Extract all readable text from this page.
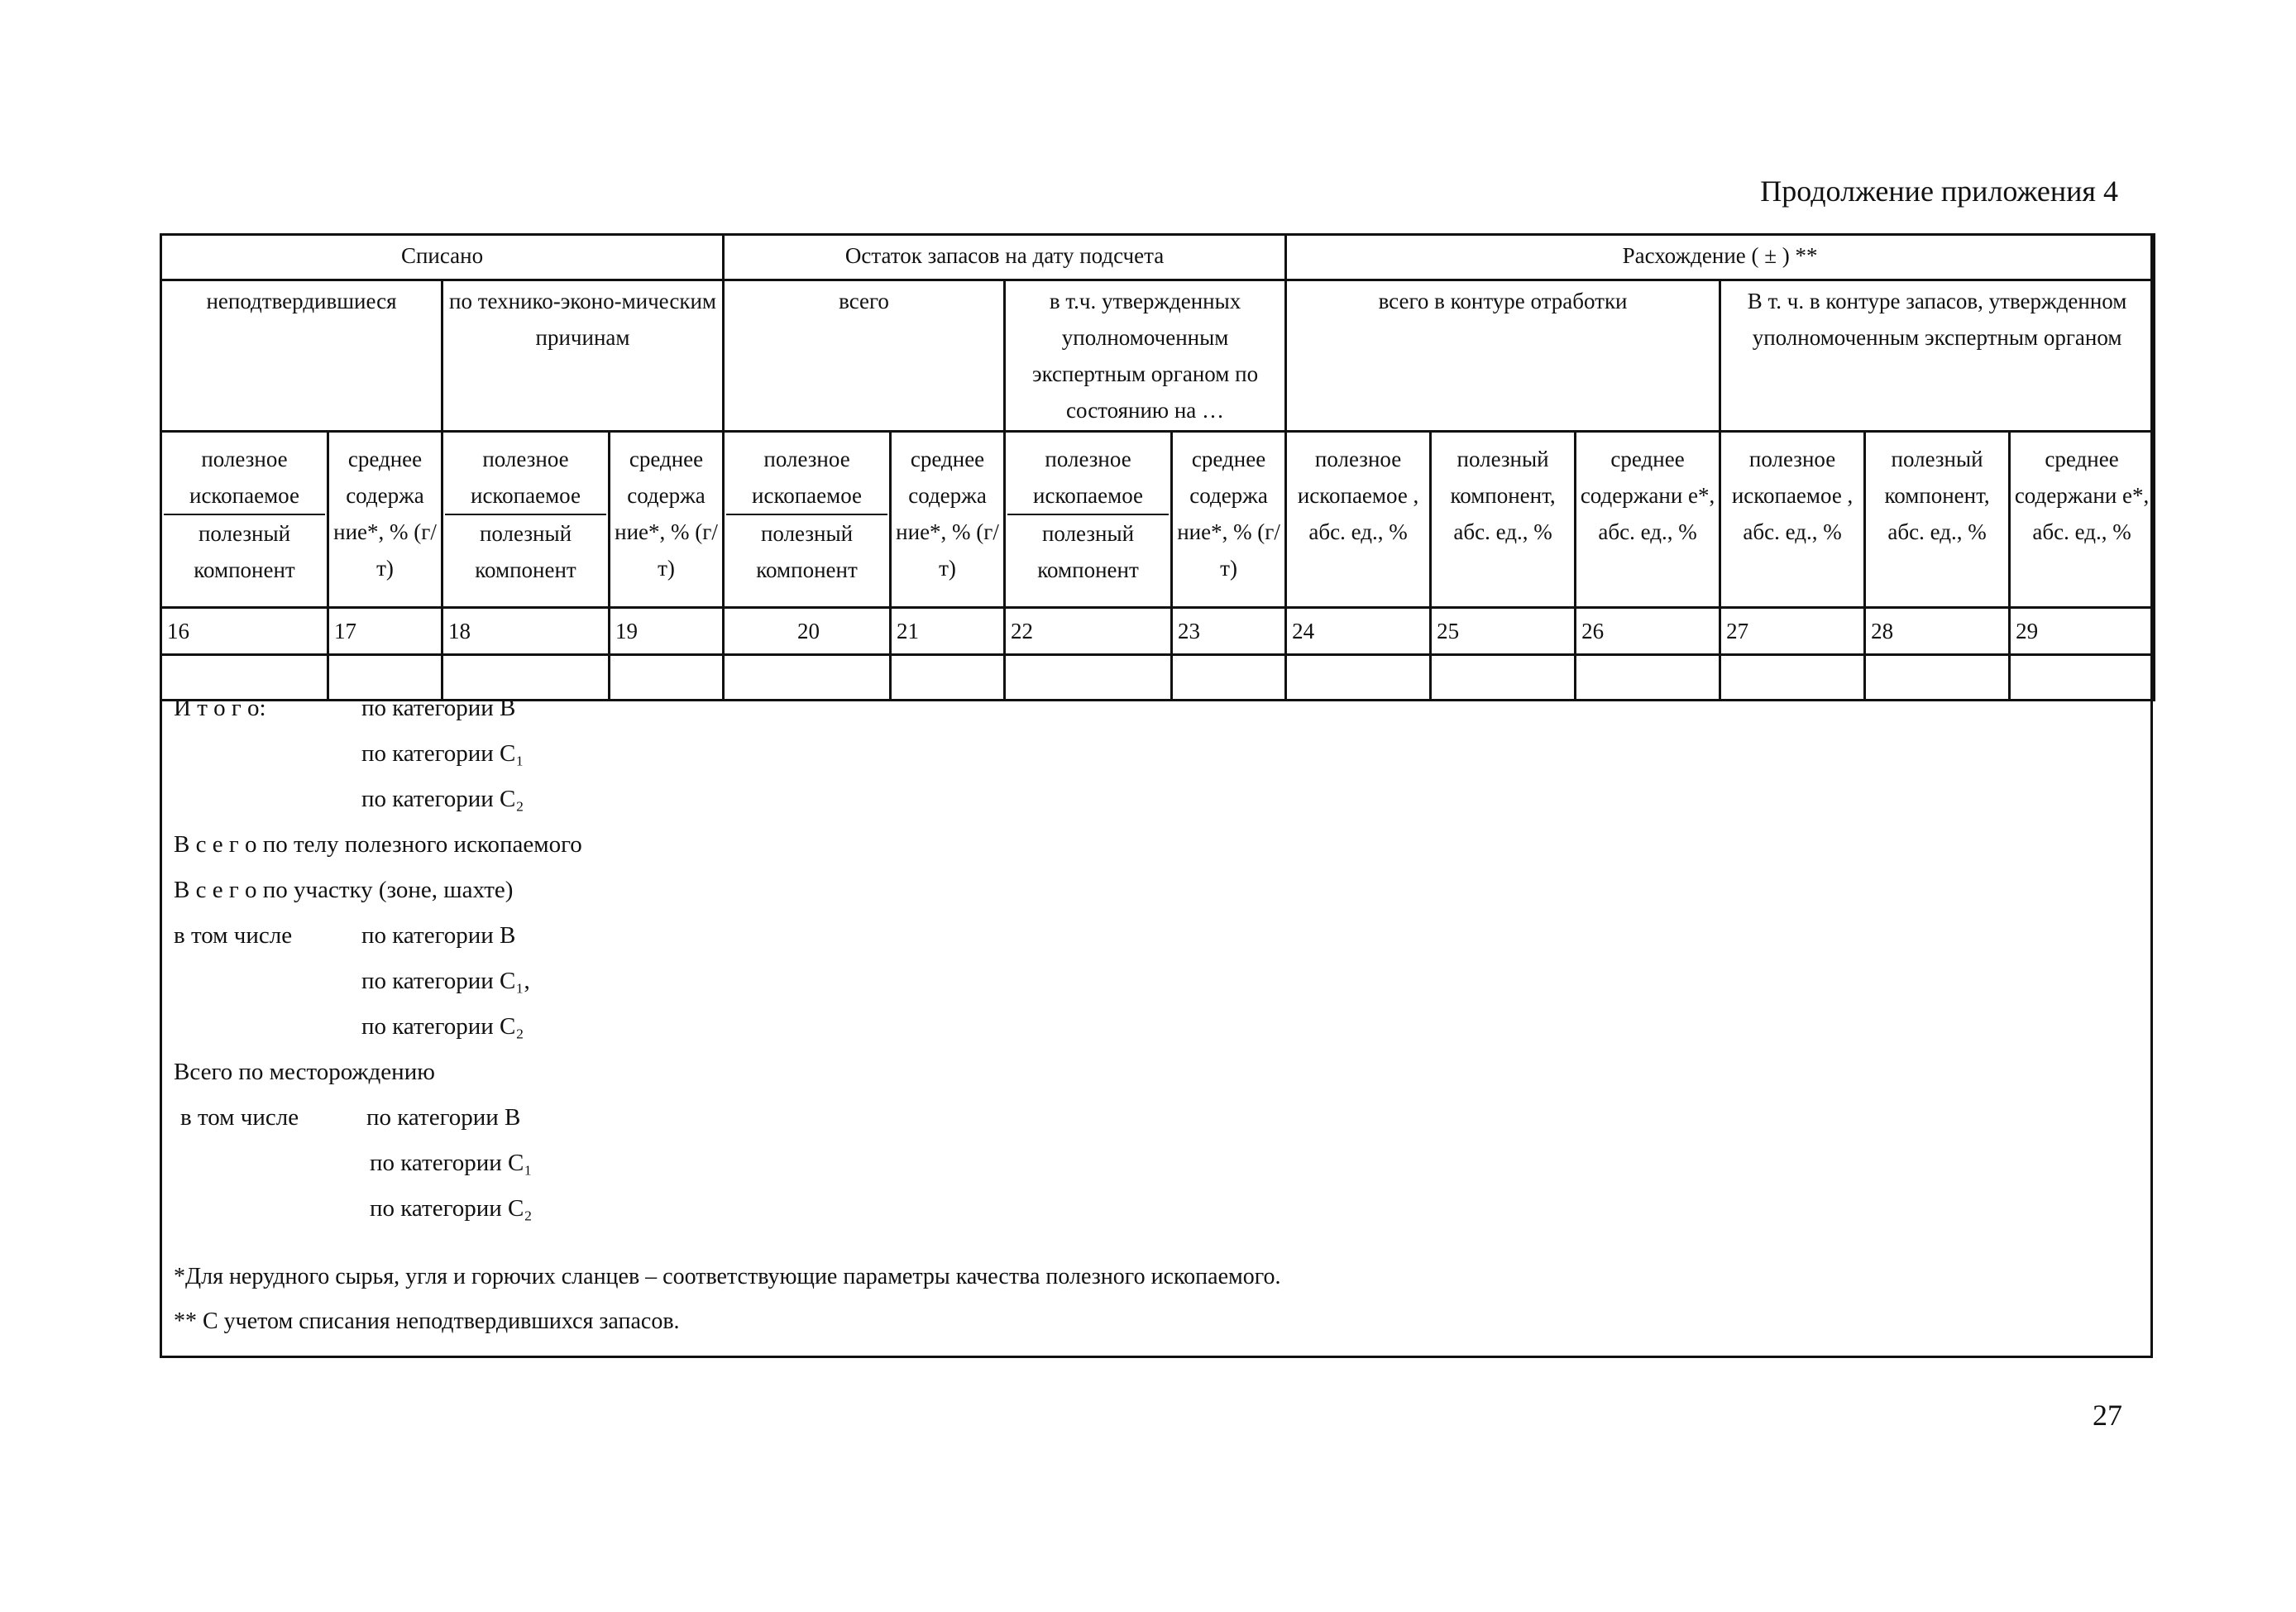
Продолжение приложения 4
Списано				Остаток запасов на дату подсчета				Расхождение ( ± ) **					
неподтвердившиеся		по технико-эконо-мическим причинам		всего		в т.ч. утвержденных уполномоченным экспертным органом по состоянию на …		всего в контуре отработки			В т. ч. в контуре запасов, утвержденном уполномоченным экспертным органом		

$\frac{\text{полезное ископаемое}}{\text{полезный компонент}}$	среднее содержа ние*, % (г/т)	$\frac{\text{полезное ископаемое}}{\text{полезный компонент}}$	среднее содержа ние*, % (г/т)	$\frac{\text{полезное ископаемое}}{\text{полезный компонент}}$	среднее содержа ние*, % (г/т)	$\frac{\text{полезное ископаемое}}{\text{полезный компонент}}$	среднее содержа ние*, % (г/т)	полезное ископаемое , абс. ед., %	полезный компонент, абс. ед., %	среднее содержани е*, абс. ед., %	полезное ископаемое , абс. ед., %	полезный компонент, абс. ед., %	среднее содержани е*, абс. ед., %
16	17	18	19	20	21	22	23	24	25	26	27	28	29

И т о г о:	по категории В
по категории С₁
по категории С₂
В с е г о по телу полезного ископаемого
В с е г о по участку (зоне, шахте)
в том числе	по категории В
по категории С₁,
по категории С₂
Всего по месторождению
в том числе	по категории В
по категории С₁
по категории С₂
*Для нерудного сырья, угля и горючих сланцев – соответствующие параметры качества полезного ископаемого.
** С учетом списания неподтвердившихся запасов.
27
